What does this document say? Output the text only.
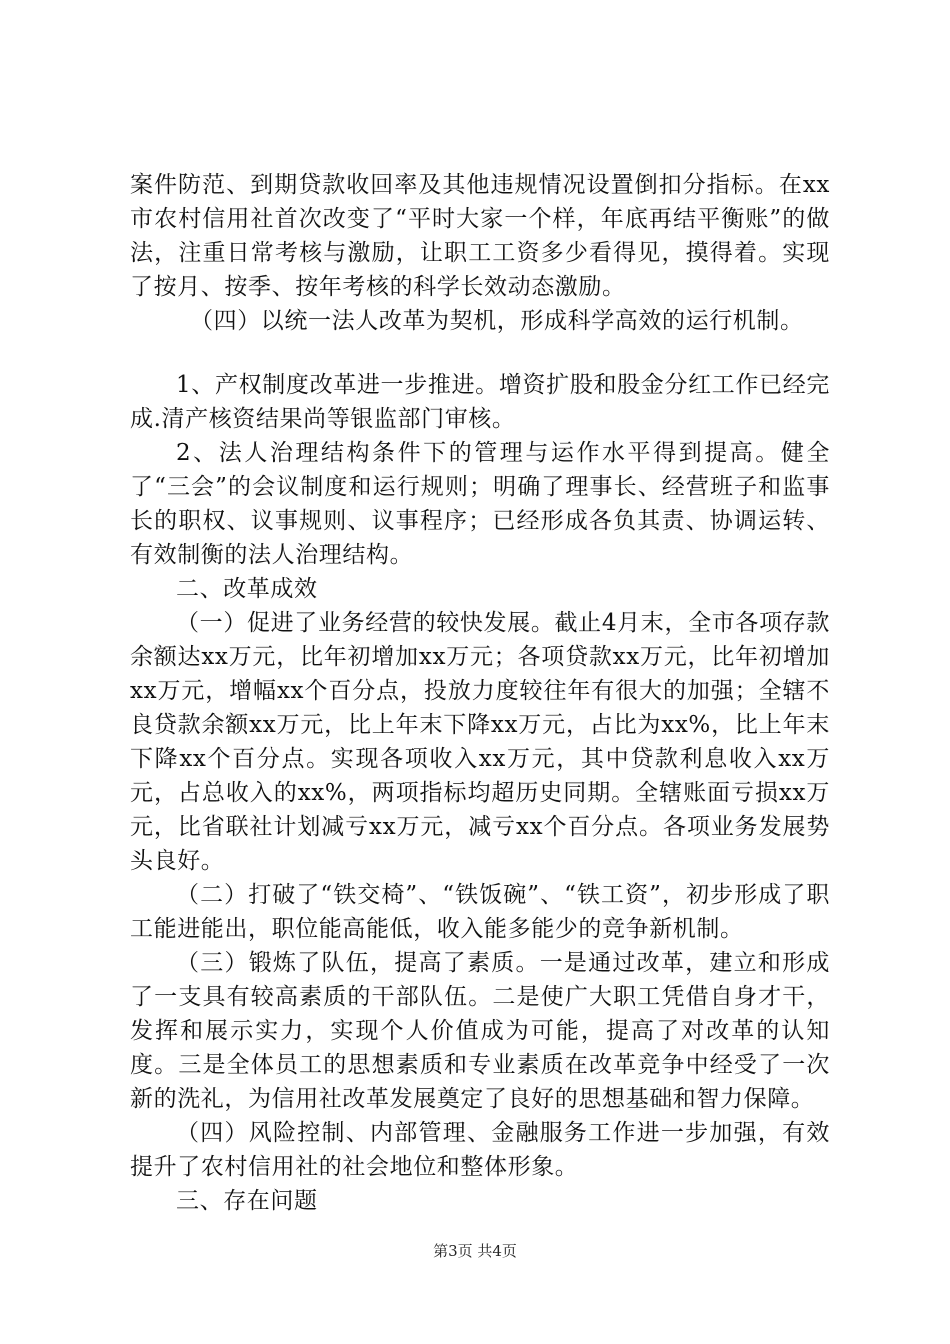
案件防范、到期贷款收回率及其他违规情况设置倒扣分指标。在xx市农村信用社首次改变了“平时大家一个样，年底再结平衡账”的做法，注重日常考核与激励，让职工工资多少看得见，摸得着。实现了按月、按季、按年考核的科学长效动态激励。

（四）以统一法人改革为契机，形成科学高效的运行机制。

1、产权制度改革进一步推进。增资扩股和股金分红工作已经完成.清产核资结果尚等银监部门审核。

2、法人治理结构条件下的管理与运作水平得到提高。健全了“三会”的会议制度和运行规则；明确了理事长、经营班子和监事长的职权、议事规则、议事程序；已经形成各负其责、协调运转、有效制衡的法人治理结构。

二、改革成效

（一）促进了业务经营的较快发展。截止4月末，全市各项存款余额达xx万元，比年初增加xx万元；各项贷款xx万元，比年初增加xx万元，增幅xx个百分点，投放力度较往年有很大的加强；全辖不良贷款余额xx万元，比上年末下降xx万元，占比为xx%，比上年末下降xx个百分点。实现各项收入xx万元，其中贷款利息收入xx万元，占总收入的xx%，两项指标均超历史同期。全辖账面亏损xx万元，比省联社计划减亏xx万元，减亏xx个百分点。各项业务发展势头良好。

（二）打破了“铁交椅”、“铁饭碗”、“铁工资”，初步形成了职工能进能出，职位能高能低，收入能多能少的竞争新机制。

（三）锻炼了队伍，提高了素质。一是通过改革，建立和形成了一支具有较高素质的干部队伍。二是使广大职工凭借自身才干，发挥和展示实力，实现个人价值成为可能，提高了对改革的认知度。三是全体员工的思想素质和专业素质在改革竞争中经受了一次新的洗礼，为信用社改革发展奠定了良好的思想基础和智力保障。

（四）风险控制、内部管理、金融服务工作进一步加强，有效提升了农村信用社的社会地位和整体形象。

三、存在问题

第3页 共4页
